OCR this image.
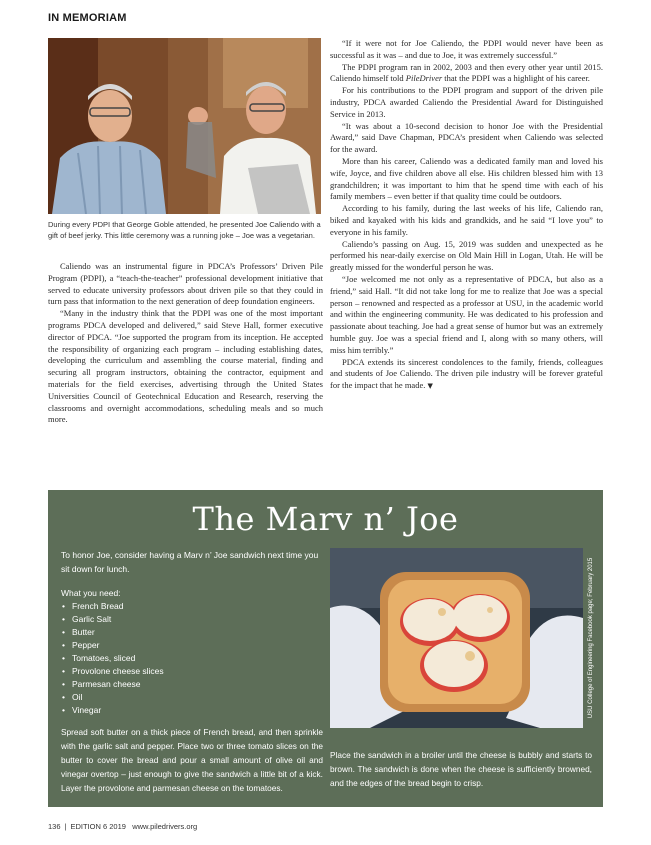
IN MEMORIAM

During every PDPI that George Goble attended, he presented Joe Caliendo with a gift of beef jerky. This little ceremony was a running joke – Joe was a vegetarian.

Caliendo was an instrumental figure in PDCA’s Professors’ Driven Pile Program (PDPI), a “teach-the-teacher” professional development initiative that served to educate university professors about driven pile so that they could in turn pass that information to the next generation of deep foundation engineers.

“Many in the industry think that the PDPI was one of the most important programs PDCA developed and delivered,” said Steve Hall, former executive director of PDCA. “Joe supported the program from its inception. He accepted the responsibility of organizing each program – including establishing dates, developing the curriculum and assembling the course material, finding and securing all program instructors, obtaining the contractor, equipment and materials for the field exercises, advertising through the United States Universities Council of Geotechnical Education and Research, reserving the classrooms and overnight accommodations, scheduling meals and so much more.

“If it were not for Joe Caliendo, the PDPI would never have been as successful as it was – and due to Joe, it was extremely successful.”

The PDPI program ran in 2002, 2003 and then every other year until 2015. Caliendo himself told PileDriver that the PDPI was a highlight of his career.

For his contributions to the PDPI program and support of the driven pile industry, PDCA awarded Caliendo the Presidential Award for Distinguished Service in 2013.

“It was about a 10-second decision to honor Joe with the Presidential Award,” said Dave Chapman, PDCA’s president when Caliendo was selected for the award.

More than his career, Caliendo was a dedicated family man and loved his wife, Joyce, and five children above all else. His children blessed him with 13 grandchildren; it was important to him that he spend time with each of his family members – even better if that quality time could be outdoors.

According to his family, during the last weeks of his life, Caliendo ran, biked and kayaked with his kids and grandkids, and he said “I love you” to everyone in his family.

Caliendo’s passing on Aug. 15, 2019 was sudden and unexpected as he performed his near-daily exercise on Old Main Hill in Logan, Utah. He will be greatly missed for the wonderful person he was.

“Joe welcomed me not only as a representative of PDCA, but also as a friend,” said Hall. “It did not take long for me to realize that Joe was a special person – renowned and respected as a professor at USU, in the academic world and within the engineering community. He was dedicated to his profession and passionate about teaching. Joe had a great sense of humor but was an extremely humble guy. Joe was a special friend and I, along with so many others, will miss him terribly.”

PDCA extends its sincerest condolences to the family, friends, colleagues and students of Joe Caliendo. The driven pile industry will be forever grateful for the impact that he made. ▼

The Marv n’ Joe

To honor Joe, consider having a Marv n’ Joe sandwich next time you sit down for lunch.

What you need:

• French Bread
• Garlic Salt
• Butter
• Pepper
• Tomatoes, sliced
• Provolone cheese slices
• Parmesan cheese
• Oil
• Vinegar

Spread soft butter on a thick piece of French bread, and then sprinkle with the garlic salt and pepper. Place two or three tomato slices on the butter to cover the bread and pour a small amount of olive oil and vinegar overtop – just enough to give the sandwich a little bit of a kick. Layer the provolone and parmesan cheese on the tomatoes.

USU College of Engineering Facebook page; February 2015

Place the sandwich in a broiler until the cheese is bubbly and starts to brown. The sandwich is done when the cheese is sufficiently browned, and the edges of the bread begin to crisp.

136 | EDITION 6 2019 www.piledrivers.org
